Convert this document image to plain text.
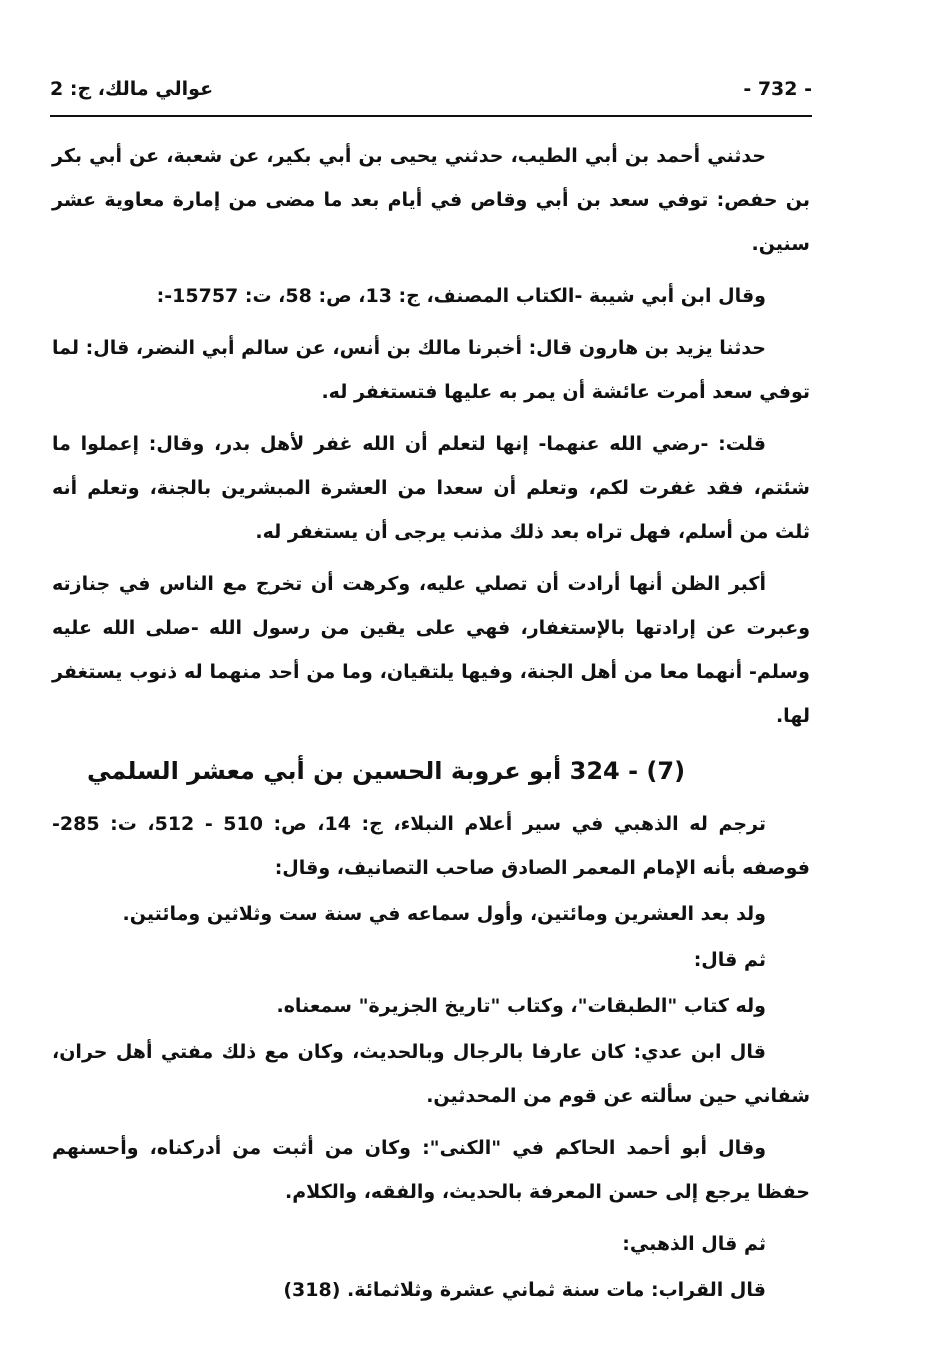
- 732 -
عوالي مالك، ج: 2

حدثني أحمد بن أبي الطيب، حدثني يحيى بن أبي بكير، عن شعبة، عن أبي بكر بن حفص: توفي سعد بن أبي وقاص في أيام بعد ما مضى من إمارة معاوية عشر سنين.

وقال ابن أبي شيبة -الكتاب المصنف، ج: 13، ص: 58، ت: 15757-:

حدثنا يزيد بن هارون قال: أخبرنا مالك بن أنس، عن سالم أبي النضر، قال: لما توفي سعد أمرت عائشة أن يمر به عليها فتستغفر له.

قلت: -رضي الله عنهما- إنها لتعلم أن الله غفر لأهل بدر، وقال: إعملوا ما شئتم، فقد غفرت لكم، وتعلم أن سعدا من العشرة المبشرين بالجنة، وتعلم أنه ثلث من أسلم، فهل تراه بعد ذلك مذنب يرجى أن يستغفر له.

أكبر الظن أنها أرادت أن تصلي عليه، وكرهت أن تخرج مع الناس في جنازته وعبرت عن إرادتها بالإستغفار، فهي على يقين من رسول الله -صلى الله عليه وسلم- أنهما معا من أهل الجنة، وفيها يلتقيان، وما من أحد منهما له ذنوب يستغفر لها.

324 - (7) أبو عروبة الحسين بن أبي معشر السلمي

ترجم له الذهبي في سير أعلام النبلاء، ج: 14، ص: 510 - 512، ت: 285- فوصفه بأنه الإمام المعمر الصادق صاحب التصانيف، وقال:

ولد بعد العشرين ومائتين، وأول سماعه في سنة ست وثلاثين ومائتين.

ثم قال:

وله كتاب "الطبقات"، وكتاب "تاريخ الجزيرة" سمعناه.

قال ابن عدي: كان عارفا بالرجال وبالحديث، وكان مع ذلك مفتي أهل حران، شفاني حين سألته عن قوم من المحدثين.

وقال أبو أحمد الحاكم في "الكنى": وكان من أثبت من أدركناه، وأحسنهم حفظا يرجع إلى حسن المعرفة بالحديث، والفقه، والكلام.

ثم قال الذهبي:

قال القراب: مات سنة ثماني عشرة وثلاثمائة. (318)
